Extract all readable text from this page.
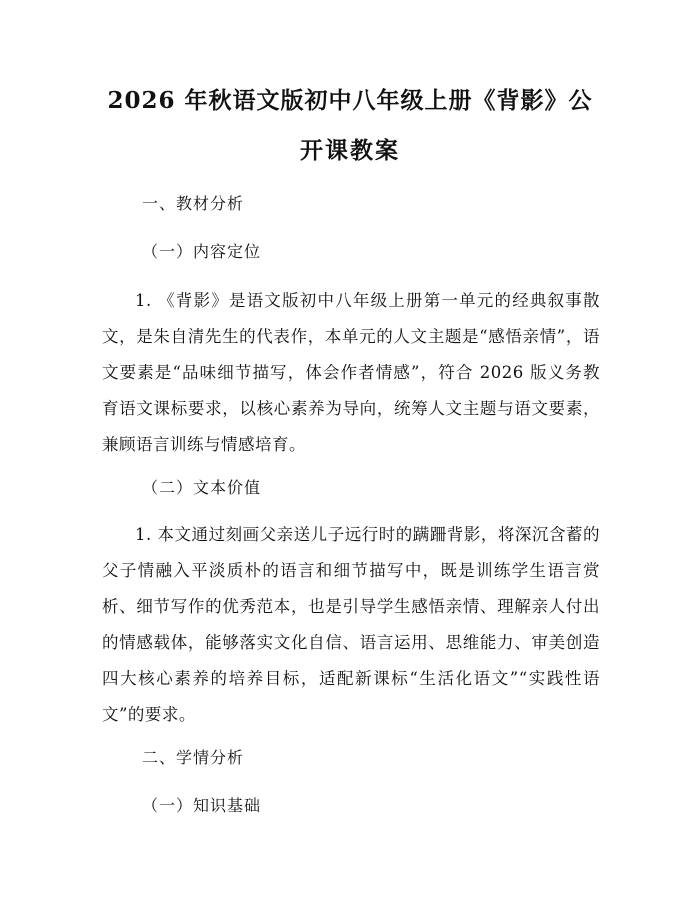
2026 年秋语文版初中八年级上册《背影》公
开课教案

一、教材分析

（一）内容定位

1. 《背影》是语文版初中八年级上册第一单元的经典叙事散文，是朱自清先生的代表作，本单元的人文主题是“感悟亲情”，语文要素是“品味细节描写，体会作者情感”，符合 2026 版义务教育语文课标要求，以核心素养为导向，统筹人文主题与语文要素，兼顾语言训练与情感培育。

（二）文本价值

1. 本文通过刻画父亲送儿子远行时的蹒跚背影，将深沉含蓄的父子情融入平淡质朴的语言和细节描写中，既是训练学生语言赏析、细节写作的优秀范本，也是引导学生感悟亲情、理解亲人付出的情感载体，能够落实文化自信、语言运用、思维能力、审美创造四大核心素养的培养目标，适配新课标“生活化语文”“实践性语文”的要求。

二、学情分析

（一）知识基础
